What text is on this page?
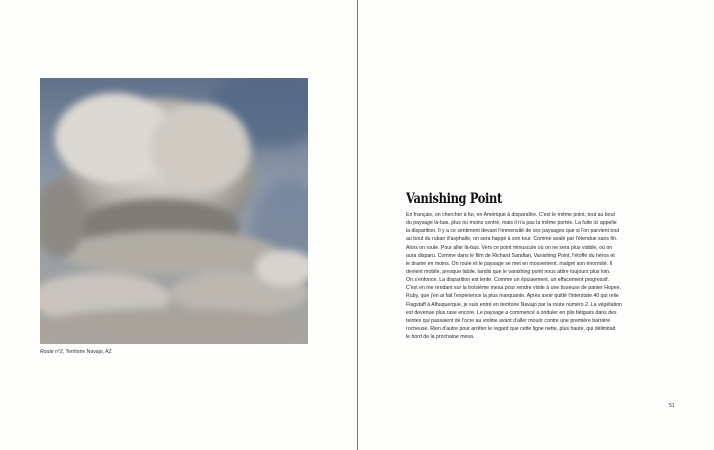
Route n°2, Territoire Navajo, AZ
Vanishing Point
En français, on chercher à fur, en Amérique à disparaître. C'est le même point, tout au bout
du paysage là-bas, plus ou moins centré, mais il n'a pas la même portée. La fuite ici appelle
la disparition. Il y a ce sentiment devant l'immensité de ces paysages que si l'on parvient tout
au bout du ruban d'asphalte, on sera happé à son tour. Comme avalé par l'étendue sans fin.
Alors on roule. Pour aller là-bas. Vers ce point minuscule où on ne sera plus visible, où on
aura disparu. Comme dans le film de Richard Sarafian, Vanishing Point, l'étoffe du héros et
le drame en moins. On roule et le paysage se met en mouvement, malgré son énormité. Il
devient mobile, presque labile, tandis que le vanishing point nous attire toujours plus loin.
On s'enfonce. La disparition est lente. Comme un épuisement, un effacement progressif.
C'est en me rendant sur la troisième mesa pour rendre visite à une tisseuse de panier Hopee,
Ruby, que j'en ai fait l'expérience la plus marquante. Après avoir quitté l'interstate 40 qui relie
Flagstaff à Albuquerque, je suis entré en territoire Navajo par la route numéro 2. La végétation
est devenue plus rase encore. Le paysage a commencé à onduler en plis fatigués dans des
teintes qui passaient de l'ocre au violine avant d'aller mourir contre une première barrière
rocheuse. Rien d'autre pour arrêter le regard que cette ligne nette, plus haute, qui délimitait
le bord de la prochaine mesa.
51
